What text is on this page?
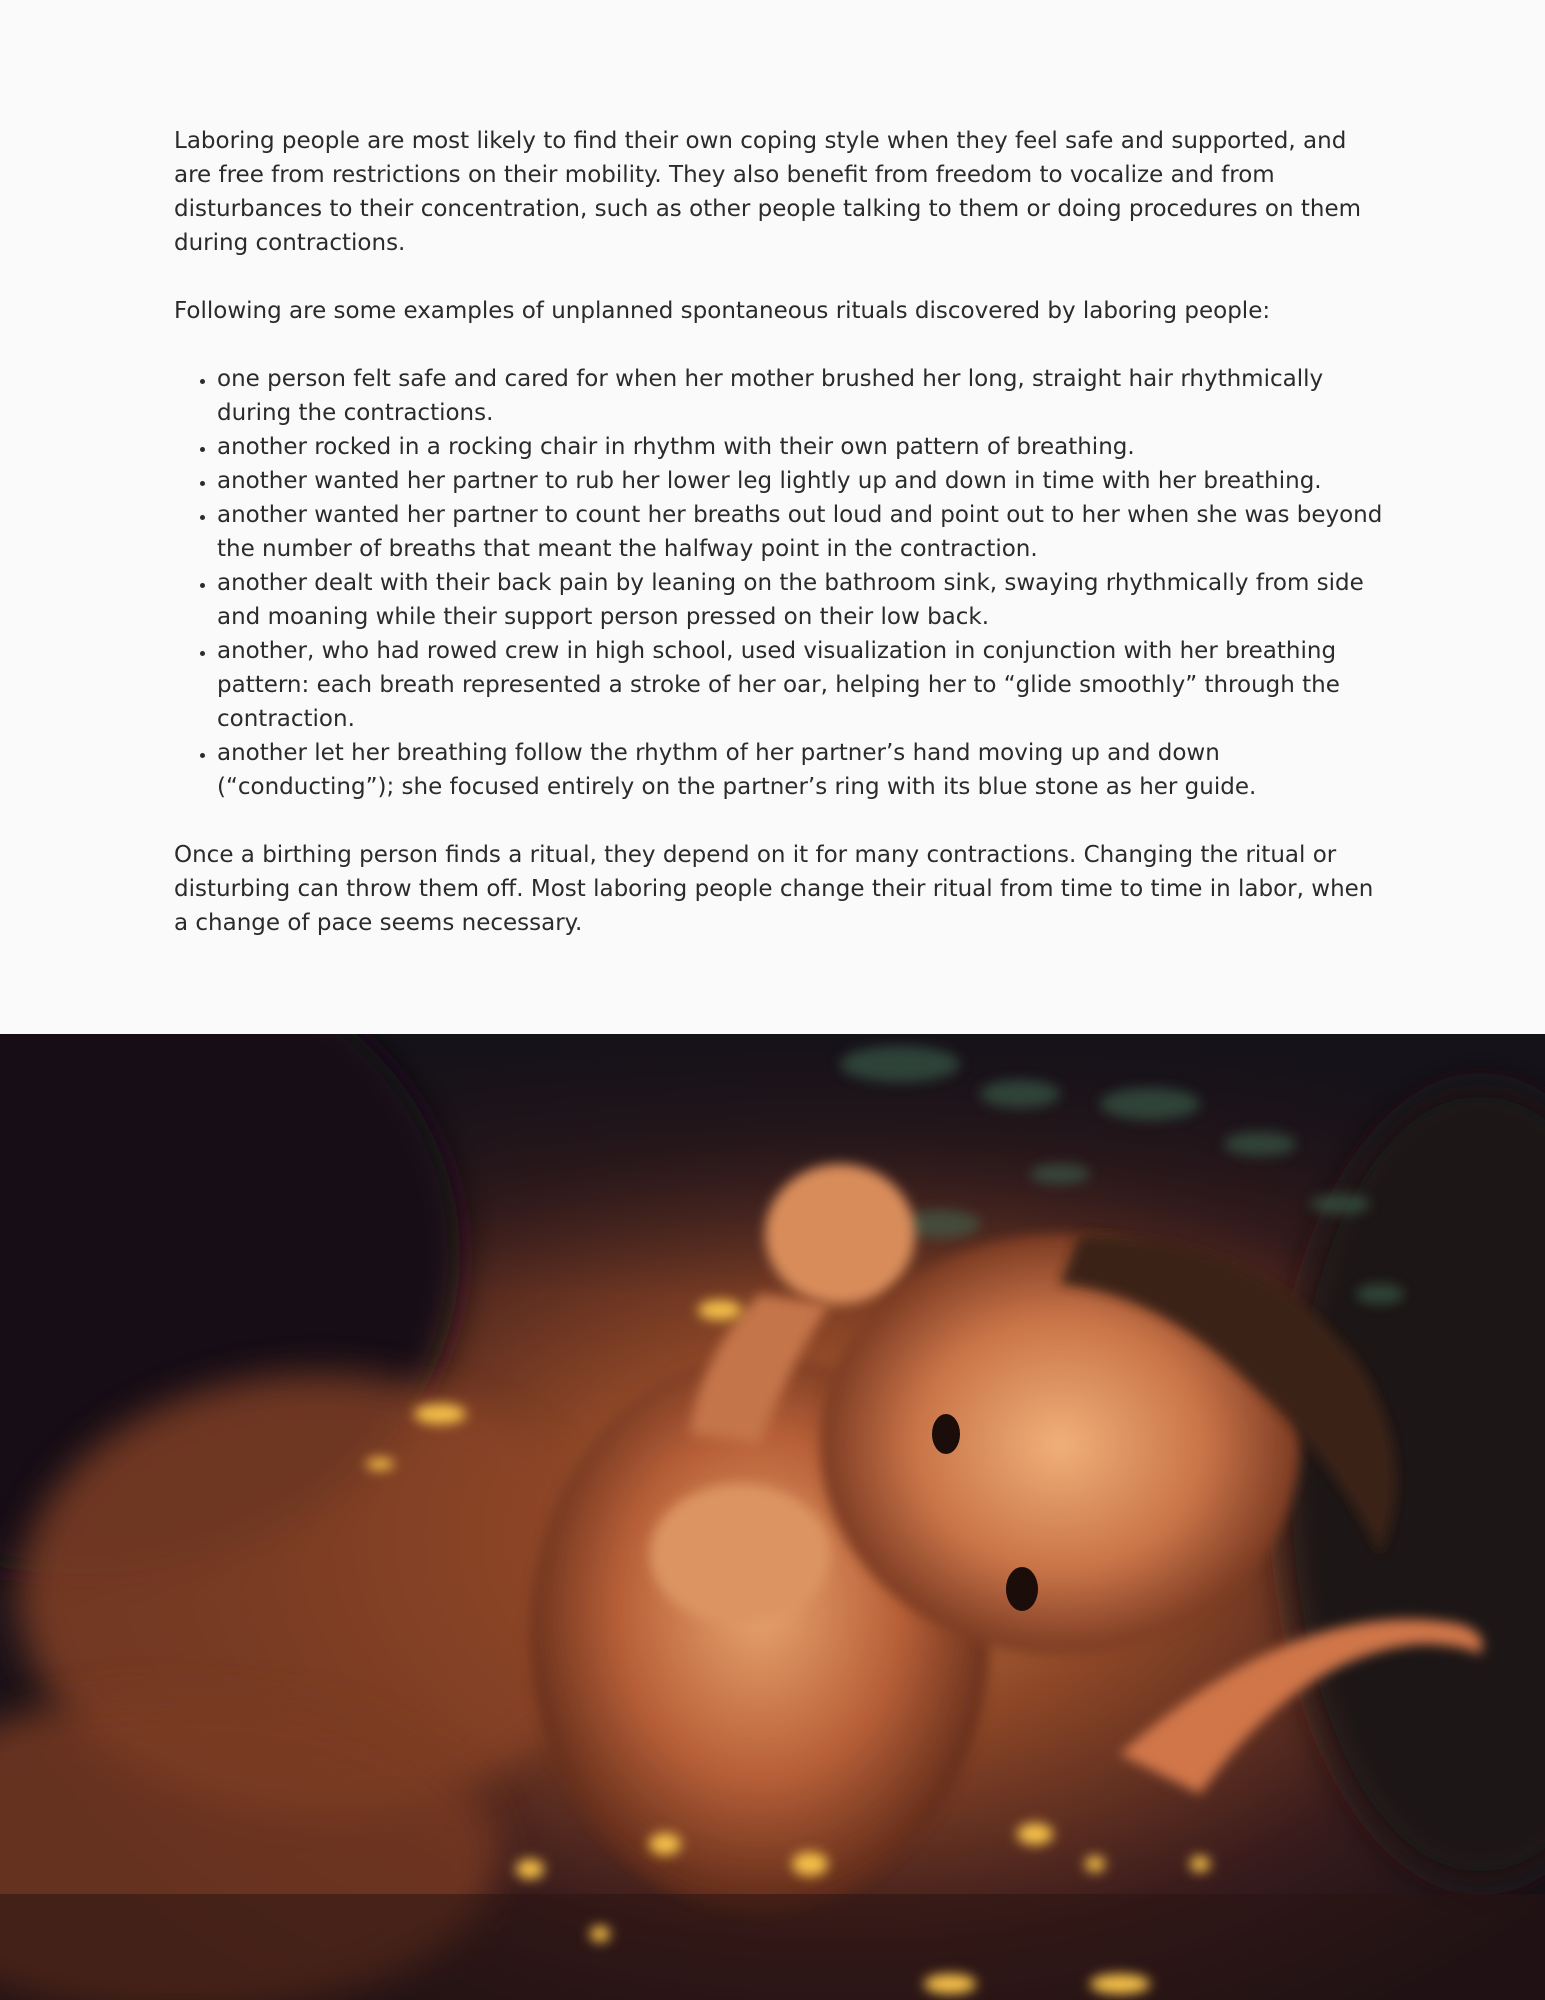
Laboring people are most likely to find their own coping style when they feel safe and supported, and are free from restrictions on their mobility. They also benefit from freedom to vocalize and from disturbances to their concentration, such as other people talking to them or doing procedures on them during contractions.

Following are some examples of unplanned spontaneous rituals discovered by laboring people:

• one person felt safe and cared for when her mother brushed her long, straight hair rhythmically during the contractions.
• another rocked in a rocking chair in rhythm with their own pattern of breathing.
• another wanted her partner to rub her lower leg lightly up and down in time with her breathing.
• another wanted her partner to count her breaths out loud and point out to her when she was beyond the number of breaths that meant the halfway point in the contraction.
• another dealt with their back pain by leaning on the bathroom sink, swaying rhythmically from side and moaning while their support person pressed on their low back.
• another, who had rowed crew in high school, used visualization in conjunction with her breathing pattern: each breath represented a stroke of her oar, helping her to “glide smoothly” through the contraction.
• another let her breathing follow the rhythm of her partner’s hand moving up and down (“conducting”); she focused entirely on the partner’s ring with its blue stone as her guide.

Once a birthing person finds a ritual, they depend on it for many contractions. Changing the ritual or disturbing can throw them off. Most laboring people change their ritual from time to time in labor, when a change of pace seems necessary.
